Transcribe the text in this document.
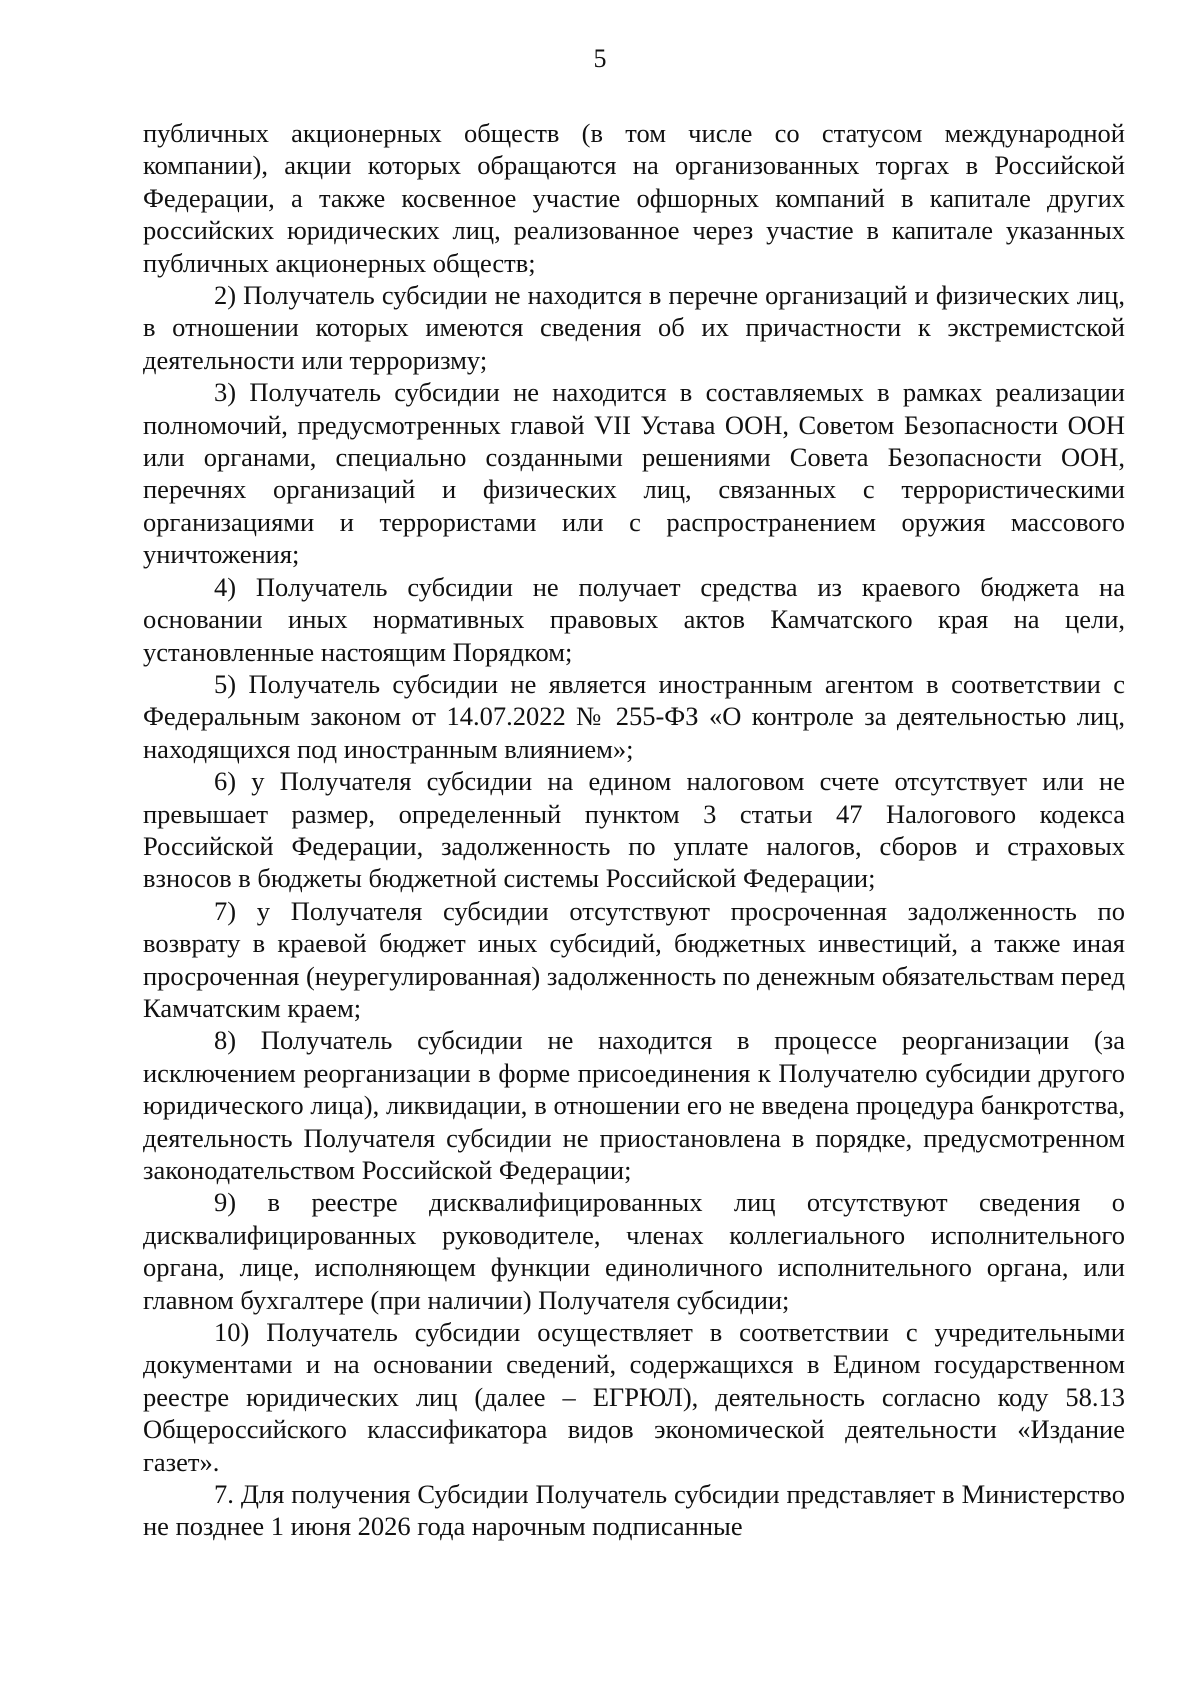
5

публичных акционерных обществ (в том числе со статусом международной компании), акции которых обращаются на организованных торгах в Российской Федерации, а также косвенное участие офшорных компаний в капитале других российских юридических лиц, реализованное через участие в капитале указанных публичных акционерных обществ;

2) Получатель субсидии не находится в перечне организаций и физических лиц, в отношении которых имеются сведения об их причастности к экстремистской деятельности или терроризму;

3) Получатель субсидии не находится в составляемых в рамках реализации полномочий, предусмотренных главой VII Устава ООН, Советом Безопасности ООН или органами, специально созданными решениями Совета Безопасности ООН, перечнях организаций и физических лиц, связанных с террористическими организациями и террористами или с распространением оружия массового уничтожения;

4) Получатель субсидии не получает средства из краевого бюджета на основании иных нормативных правовых актов Камчатского края на цели, установленные настоящим Порядком;

5) Получатель субсидии не является иностранным агентом в соответствии с Федеральным законом от 14.07.2022 № 255-ФЗ «О контроле за деятельностью лиц, находящихся под иностранным влиянием»;

6) у Получателя субсидии на едином налоговом счете отсутствует или не превышает размер, определенный пунктом 3 статьи 47 Налогового кодекса Российской Федерации, задолженность по уплате налогов, сборов и страховых взносов в бюджеты бюджетной системы Российской Федерации;

7) у Получателя субсидии отсутствуют просроченная задолженность по возврату в краевой бюджет иных субсидий, бюджетных инвестиций, а также иная просроченная (неурегулированная) задолженность по денежным обязательствам перед Камчатским краем;

8) Получатель субсидии не находится в процессе реорганизации (за исключением реорганизации в форме присоединения к Получателю субсидии другого юридического лица), ликвидации, в отношении его не введена процедура банкротства, деятельность Получателя субсидии не приостановлена в порядке, предусмотренном законодательством Российской Федерации;

9) в реестре дисквалифицированных лиц отсутствуют сведения о дисквалифицированных руководителе, членах коллегиального исполнительного органа, лице, исполняющем функции единоличного исполнительного органа, или главном бухгалтере (при наличии) Получателя субсидии;

10) Получатель субсидии осуществляет в соответствии с учредительными документами и на основании сведений, содержащихся в Едином государственном реестре юридических лиц (далее – ЕГРЮЛ), деятельность согласно коду 58.13 Общероссийского классификатора видов экономической деятельности «Издание газет».

7. Для получения Субсидии Получатель субсидии представляет в Министерство не позднее 1 июня 2026 года нарочным подписанные
